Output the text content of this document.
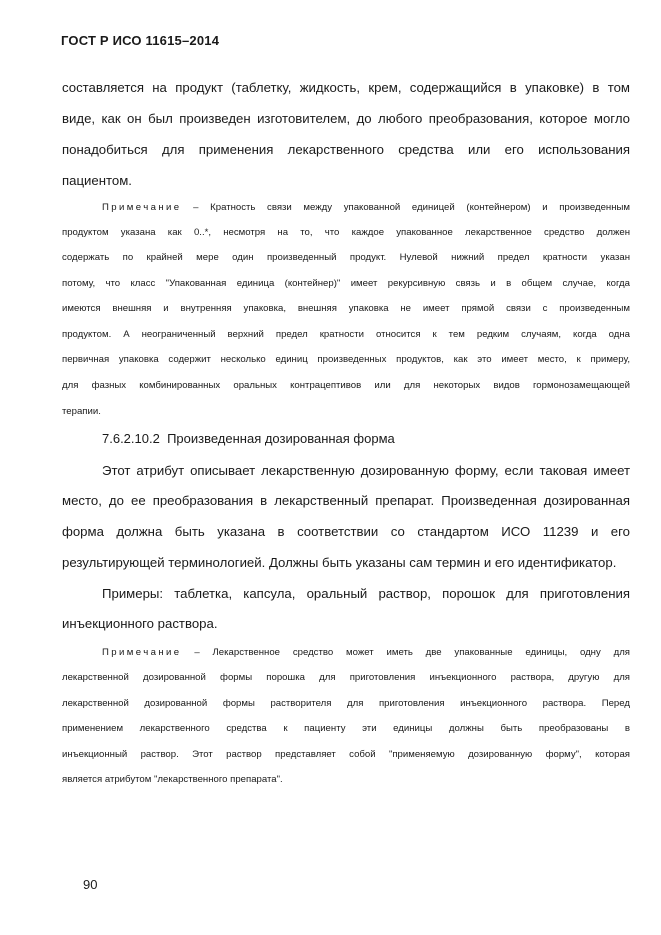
ГОСТ Р ИСО 11615–2014
составляется на продукт (таблетку, жидкость, крем, содержащийся в упаковке) в том
виде, как он был произведен изготовителем, до любого преобразования, которое могло
понадобиться для применения лекарственного средства или его использования
пациентом.
Примечание – Кратность связи между упакованной единицей (контейнером) и произведенным
продуктом указана как 0..*, несмотря на то, что каждое упакованное лекарственное средство должен
содержать по крайней мере один произведенный продукт. Нулевой нижний предел кратности указан
потому, что класс "Упакованная единица (контейнер)" имеет рекурсивную связь и в общем случае, когда
имеются внешняя и внутренняя упаковка, внешняя упаковка не имеет прямой связи с произведенным
продуктом. А неограниченный верхний предел кратности относится к тем редким случаям, когда одна
первичная упаковка содержит несколько единиц произведенных продуктов, как это имеет место, к примеру,
для фазных комбинированных оральных контрацептивов или для некоторых видов гормонозамещающей
терапии.
7.6.2.10.2 Произведенная дозированная форма
Этот атрибут описывает лекарственную дозированную форму, если таковая имеет
место, до ее преобразования в лекарственный препарат. Произведенная дозированная
форма должна быть указана в соответствии со стандартом ИСО 11239 и его
результирующей терминологией. Должны быть указаны сам термин и его идентификатор.
Примеры: таблетка, капсула, оральный раствор, порошок для приготовления
инъекционного раствора.
Примечание – Лекарственное средство может иметь две упакованные единицы, одну для
лекарственной дозированной формы порошка для приготовления инъекционного раствора, другую для
лекарственной дозированной формы растворителя для приготовления инъекционного раствора. Перед
применением лекарственного средства к пациенту эти единицы должны быть преобразованы в
инъекционный раствор. Этот раствор представляет собой "применяемую дозированную форму", которая
является атрибутом "лекарственного препарата".
90
